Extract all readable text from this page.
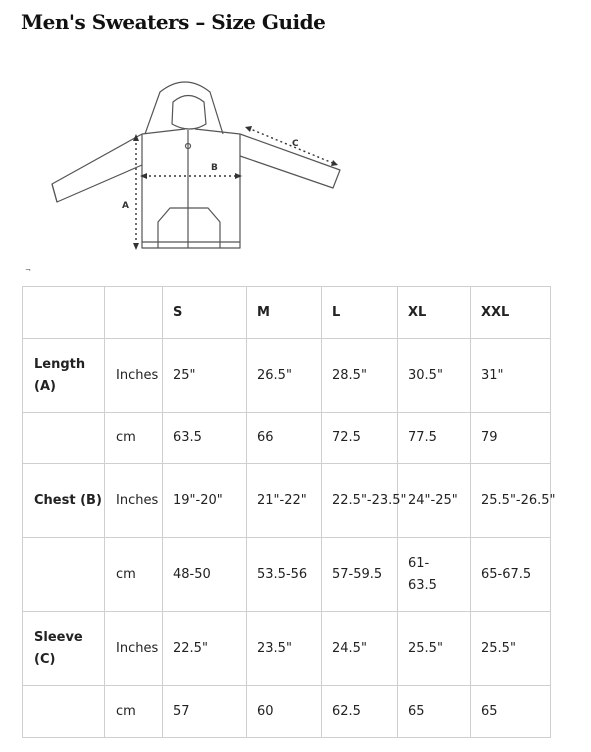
Men's Sweaters – Size Guide
A
B
C
¬
		S	M	L	XL	XXL
Length (A)	Inches	25"	26.5"	28.5"	30.5"	31"
	cm	63.5	66	72.5	77.5	79
Chest (B)	Inches	19"-20"	21"-22"	22.5"-23.5"	24"-25"	25.5"-26.5"
	cm	48-50	53.5-56	57-59.5	61-63.5	65-67.5
Sleeve (C)	Inches	22.5"	23.5"	24.5"	25.5"	25.5"
	cm	57	60	62.5	65	65
